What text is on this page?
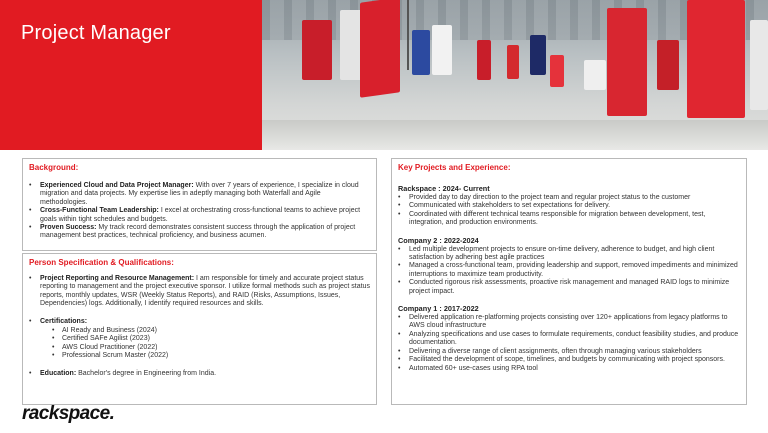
Project Manager
Background:
• Experienced Cloud and Data Project Manager: With over 7 years of experience, I specialize in cloud migration and data projects. My expertise lies in adeptly managing both Waterfall and Agile methodologies.
• Cross-Functional Team Leadership: I excel at orchestrating cross-functional teams to achieve project goals within tight schedules and budgets.
• Proven Success: My track record demonstrates consistent success through the application of project management best practices, technical proficiency, and business acumen.
Person Specification & Qualifications:
• Project Reporting and Resource Management: I am responsible for timely and accurate project status reporting to management and the project executive sponsor. I utilize formal methods such as project status reports, monthly updates, WSR (Weekly Status Reports), and RAID (Risks, Assumptions, Issues, Dependencies) logs. Additionally, I identify required resources and skills.
• Certifications:
• AI Ready and Business (2024)
• Certified SAFe Agilist (2023)
• AWS Cloud Practitioner (2022)
• Professional Scrum Master (2022)
• Education: Bachelor's degree in Engineering from India.
Key Projects and Experience:
Rackspace : 2024- Current
• Provided day to day direction to the project team and regular project status to the customer
• Communicated with stakeholders to set expectations for delivery.
• Coordinated with different technical teams responsible for migration between development, test, integration, and production environments.
Company 2 : 2022-2024
• Led multiple development projects to ensure on-time delivery, adherence to budget, and high client satisfaction by adhering best agile practices
• Managed a cross-functional team, providing leadership and support, removed impediments and minimized interruptions to maximize team productivity.
• Conducted rigorous risk assessments, proactive risk management and managed RAID logs to minimize project impact.
Company 1 : 2017-2022
• Delivered application re-platforming projects consisting over 120+ applications from legacy platforms to AWS cloud infrastructure
• Analyzing specifications and use cases to formulate requirements, conduct feasibility studies, and produce documentation.
• Delivering a diverse range of client assignments, often through managing various stakeholders
• Facilitated the development of scope, timelines, and budgets by communicating with project sponsors.
• Automated 60+ use-cases using RPA tool
rackspace.
